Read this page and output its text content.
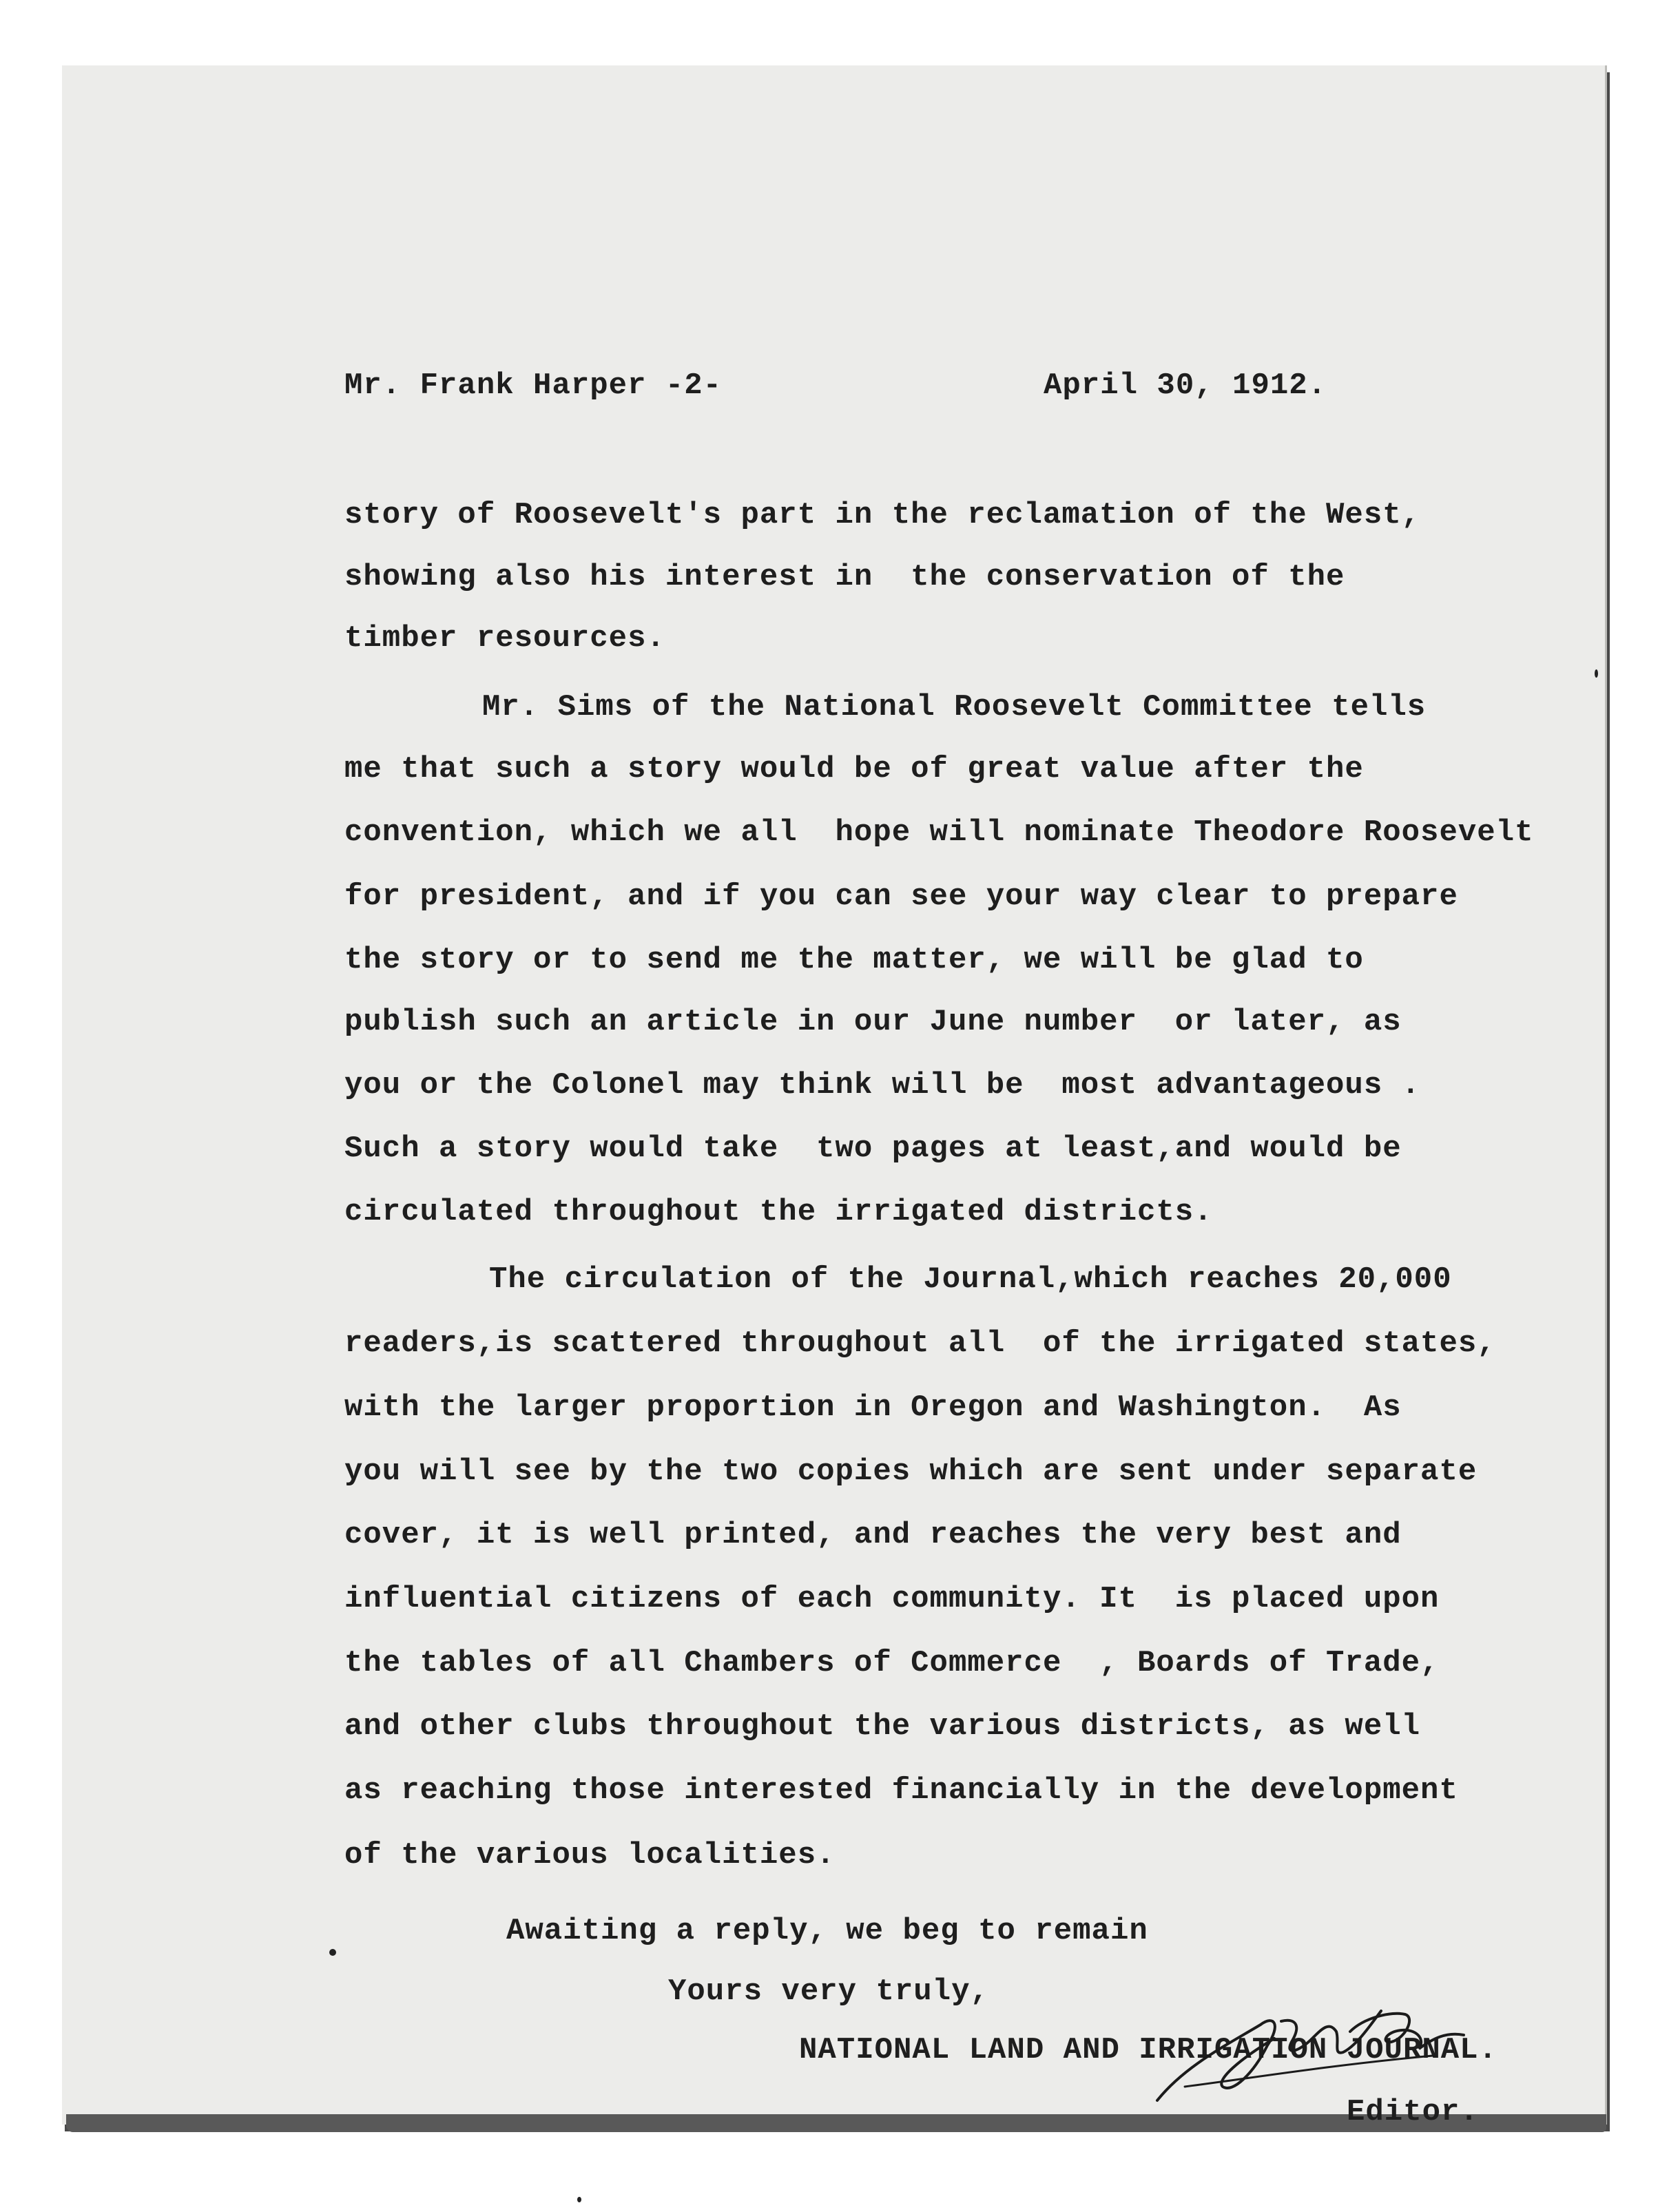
Mr. Frank Harper -2-	April 30, 1912.
story of Roosevelt's part in the reclamation of the West,
showing also his interest in  the conservation of the
timber resources.
Mr. Sims of the National Roosevelt Committee tells
me that such a story would be of great value after the
convention, which we all  hope will nominate Theodore Roosevelt
for president, and if you can see your way clear to prepare
the story or to send me the matter, we will be glad to
publish such an article in our June number  or later, as
you or the Colonel may think will be  most advantageous .
Such a story would take  two pages at least,and would be
circulated throughout the irrigated districts.
The circulation of the Journal,which reaches 20,000
readers,is scattered throughout all  of the irrigated states,
with the larger proportion in Oregon and Washington.  As
you will see by the two copies which are sent under separate
cover, it is well printed, and reaches the very best and
influential citizens of each community. It  is placed upon
the tables of all Chambers of Commerce  , Boards of Trade,
and other clubs throughout the various districts, as well
as reaching those interested financially in the development
of the various localities.
Awaiting a reply, we beg to remain
Yours very truly,
NATIONAL LAND AND IRRIGATION JOURNAL.
Editor.
